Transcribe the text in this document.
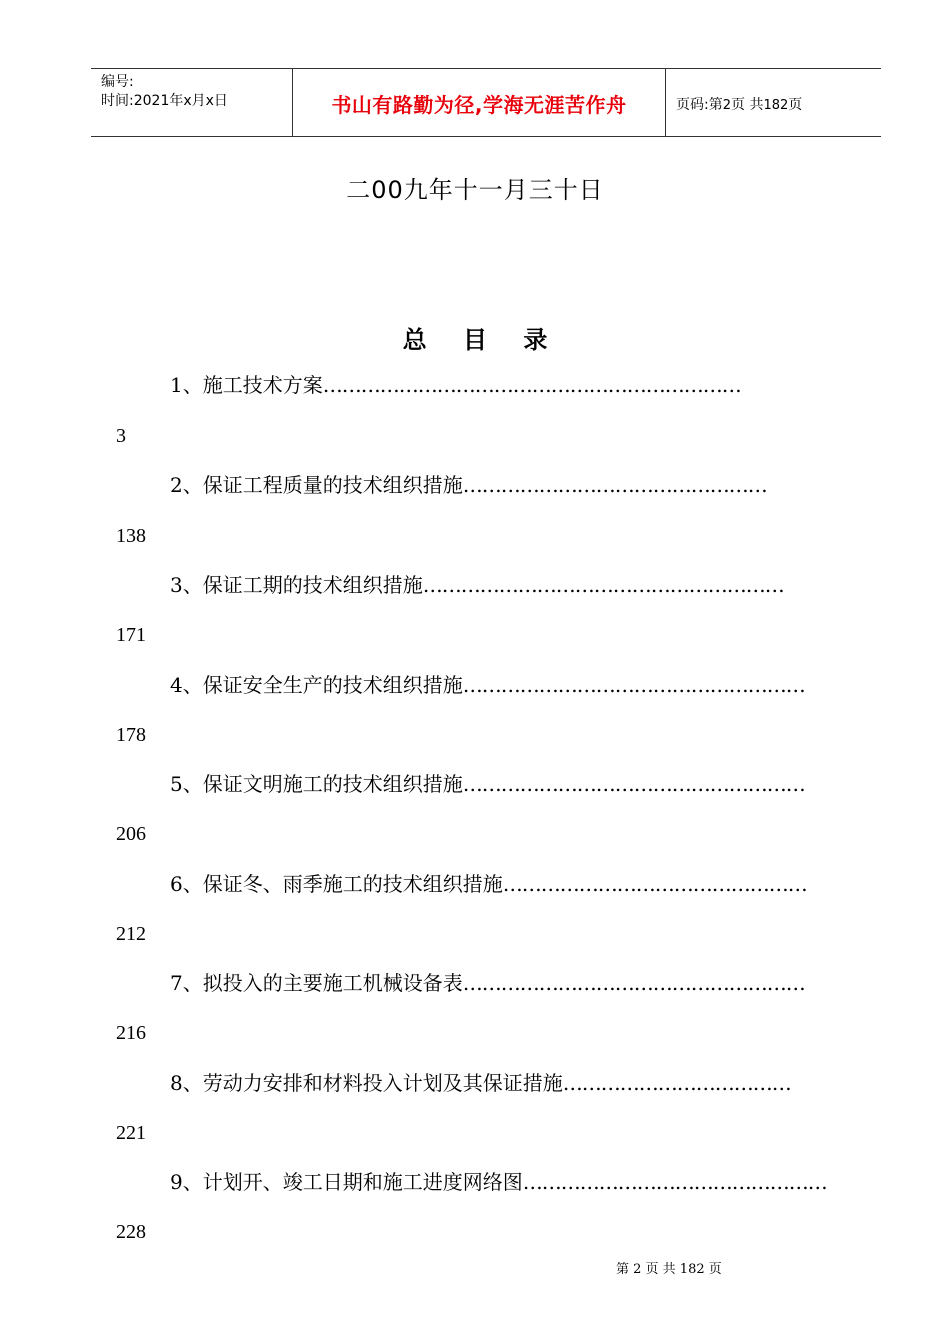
编号:
时间:2021年x月x日	书山有路勤为径,学海无涯苦作舟	页码:第2页 共182页
二00九年十一月三十日
总 目 录
1、施工技术方案…………………………………………………………
3
2、保证工程质量的技术组织措施…………………………………………
138
3、保证工期的技术组织措施…………………………………………………
171
4、保证安全生产的技术组织措施………………………………………………
178
5、保证文明施工的技术组织措施………………………………………………
206
6、保证冬、雨季施工的技术组织措施…………………………………………
212
7、拟投入的主要施工机械设备表………………………………………………
216
8、劳动力安排和材料投入计划及其保证措施………………………………
221
9、计划开、竣工日期和施工进度网络图…………………………………………
228
第 2 页 共 182 页
